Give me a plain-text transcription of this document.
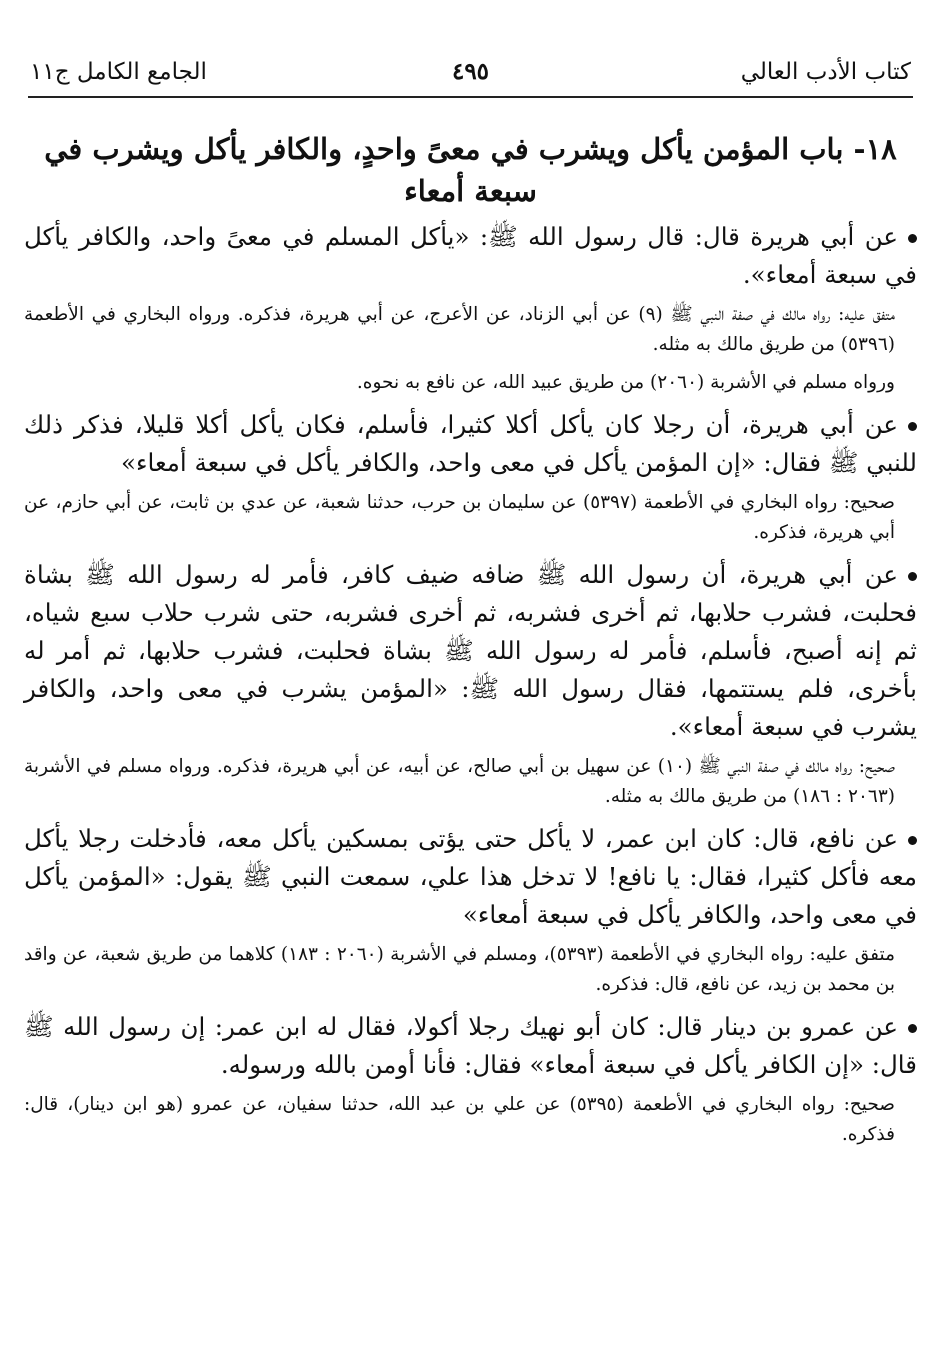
كتاب الأدب العالي
٤٩٥
الجامع الكامل ج١١
١٨- باب المؤمن يأكل ويشرب في معىً واحدٍ، والكافر يأكل ويشرب في سبعة أمعاء

عن أبي هريرة قال: قال رسول الله ﷺ: «يأكل المسلم في معىً واحد، والكافر يأكل في سبعة أمعاء».

متفق عليه: رواه مالك في صفة النبي ﷺ (٩) عن أبي الزناد، عن الأعرج، عن أبي هريرة، فذكره. ورواه البخاري في الأطعمة (٥٣٩٦) من طريق مالك به مثله.

ورواه مسلم في الأشربة (٢٠٦٠) من طريق عبيد الله، عن نافع به نحوه.

عن أبي هريرة، أن رجلا كان يأكل أكلا كثيرا، فأسلم، فكان يأكل أكلا قليلا، فذكر ذلك للنبي ﷺ فقال: «إن المؤمن يأكل في معى واحد، والكافر يأكل في سبعة أمعاء»

صحيح: رواه البخاري في الأطعمة (٥٣٩٧) عن سليمان بن حرب، حدثنا شعبة، عن عدي بن ثابت، عن أبي حازم، عن أبي هريرة، فذكره.

عن أبي هريرة، أن رسول الله ﷺ ضافه ضيف كافر، فأمر له رسول الله ﷺ بشاة فحلبت، فشرب حلابها، ثم أخرى فشربه، ثم أخرى فشربه، حتى شرب حلاب سبع شياه، ثم إنه أصبح، فأسلم، فأمر له رسول الله ﷺ بشاة فحلبت، فشرب حلابها، ثم أمر له بأخرى، فلم يستتمها، فقال رسول الله ﷺ: «المؤمن يشرب في معى واحد، والكافر يشرب في سبعة أمعاء».

صحيح: رواه مالك في صفة النبي ﷺ (١٠) عن سهيل بن أبي صالح، عن أبيه، عن أبي هريرة، فذكره. ورواه مسلم في الأشربة (٢٠٦٣ : ١٨٦) من طريق مالك به مثله.

عن نافع، قال: كان ابن عمر، لا يأكل حتى يؤتى بمسكين يأكل معه، فأدخلت رجلا يأكل معه فأكل كثيرا، فقال: يا نافع! لا تدخل هذا علي، سمعت النبي ﷺ يقول: «المؤمن يأكل في معى واحد، والكافر يأكل في سبعة أمعاء»

متفق عليه: رواه البخاري في الأطعمة (٥٣٩٣)، ومسلم في الأشربة (٢٠٦٠ : ١٨٣) كلاهما من طريق شعبة، عن واقد بن محمد بن زيد، عن نافع، قال: فذكره.

عن عمرو بن دينار قال: كان أبو نهيك رجلا أكولا، فقال له ابن عمر: إن رسول الله ﷺ قال: «إن الكافر يأكل في سبعة أمعاء» فقال: فأنا أومن بالله ورسوله.

صحيح: رواه البخاري في الأطعمة (٥٣٩٥) عن علي بن عبد الله، حدثنا سفيان، عن عمرو (هو ابن دينار)، قال: فذكره.
